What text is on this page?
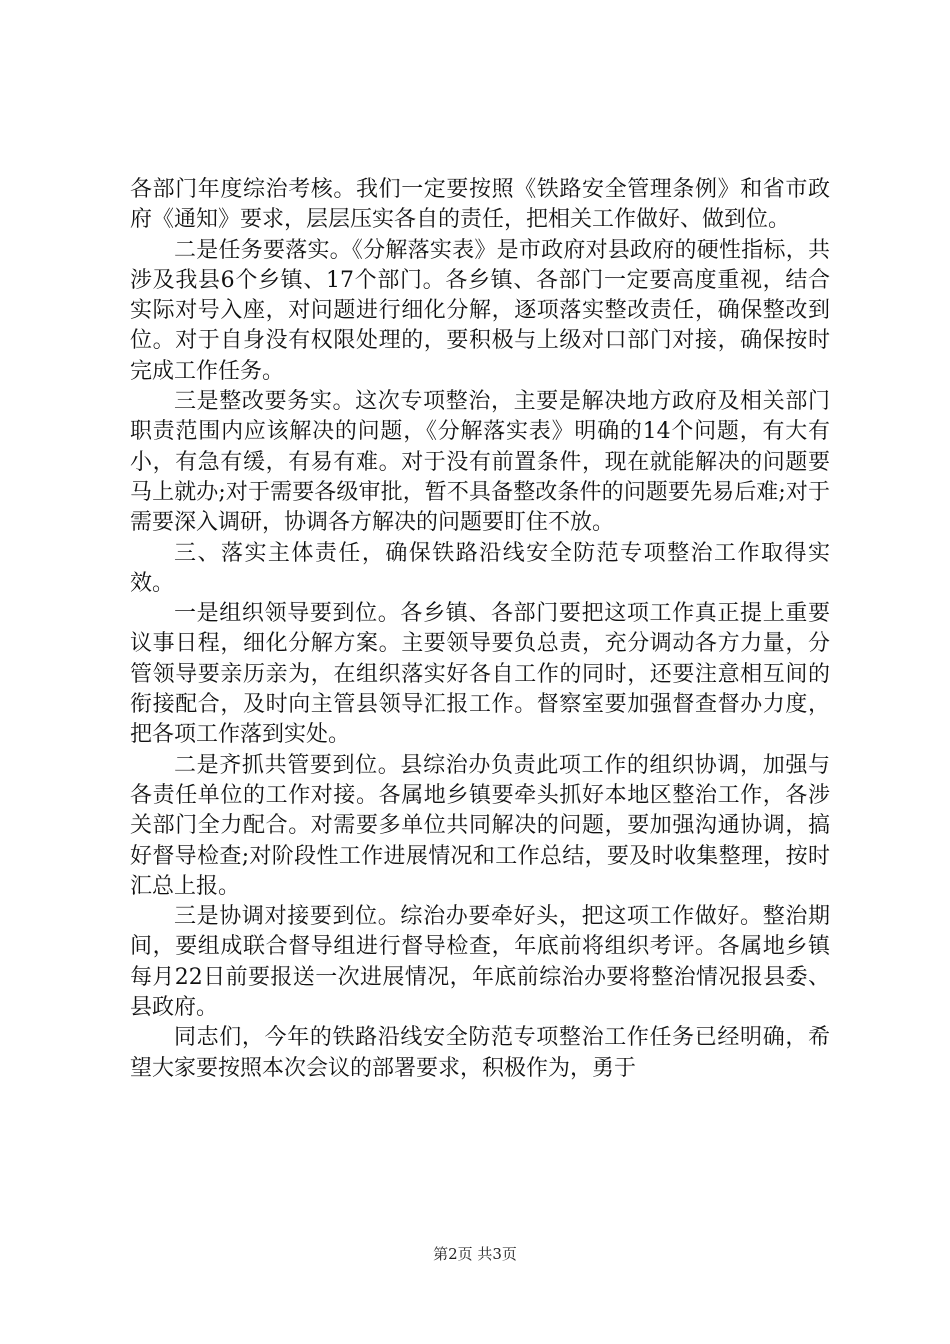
各部门年度综治考核。我们一定要按照《铁路安全管理条例》和省市政府《通知》要求，层层压实各自的责任，把相关工作做好、做到位。

二是任务要落实。《分解落实表》是市政府对县政府的硬性指标，共涉及我县6个乡镇、17个部门。各乡镇、各部门一定要高度重视，结合实际对号入座，对问题进行细化分解，逐项落实整改责任，确保整改到位。对于自身没有权限处理的，要积极与上级对口部门对接，确保按时完成工作任务。

三是整改要务实。这次专项整治，主要是解决地方政府及相关部门职责范围内应该解决的问题，《分解落实表》明确的14个问题，有大有小，有急有缓，有易有难。对于没有前置条件，现在就能解决的问题要马上就办;对于需要各级审批，暂不具备整改条件的问题要先易后难;对于需要深入调研，协调各方解决的问题要盯住不放。

三、落实主体责任，确保铁路沿线安全防范专项整治工作取得实效。

一是组织领导要到位。各乡镇、各部门要把这项工作真正提上重要议事日程，细化分解方案。主要领导要负总责，充分调动各方力量，分管领导要亲历亲为，在组织落实好各自工作的同时，还要注意相互间的衔接配合，及时向主管县领导汇报工作。督察室要加强督查督办力度，把各项工作落到实处。

二是齐抓共管要到位。县综治办负责此项工作的组织协调，加强与各责任单位的工作对接。各属地乡镇要牵头抓好本地区整治工作，各涉关部门全力配合。对需要多单位共同解决的问题，要加强沟通协调，搞好督导检查;对阶段性工作进展情况和工作总结，要及时收集整理，按时汇总上报。

三是协调对接要到位。综治办要牵好头，把这项工作做好。整治期间，要组成联合督导组进行督导检查，年底前将组织考评。各属地乡镇每月22日前要报送一次进展情况，年底前综治办要将整治情况报县委、县政府。

同志们，今年的铁路沿线安全防范专项整治工作任务已经明确，希望大家要按照本次会议的部署要求，积极作为，勇于

第2页 共3页
